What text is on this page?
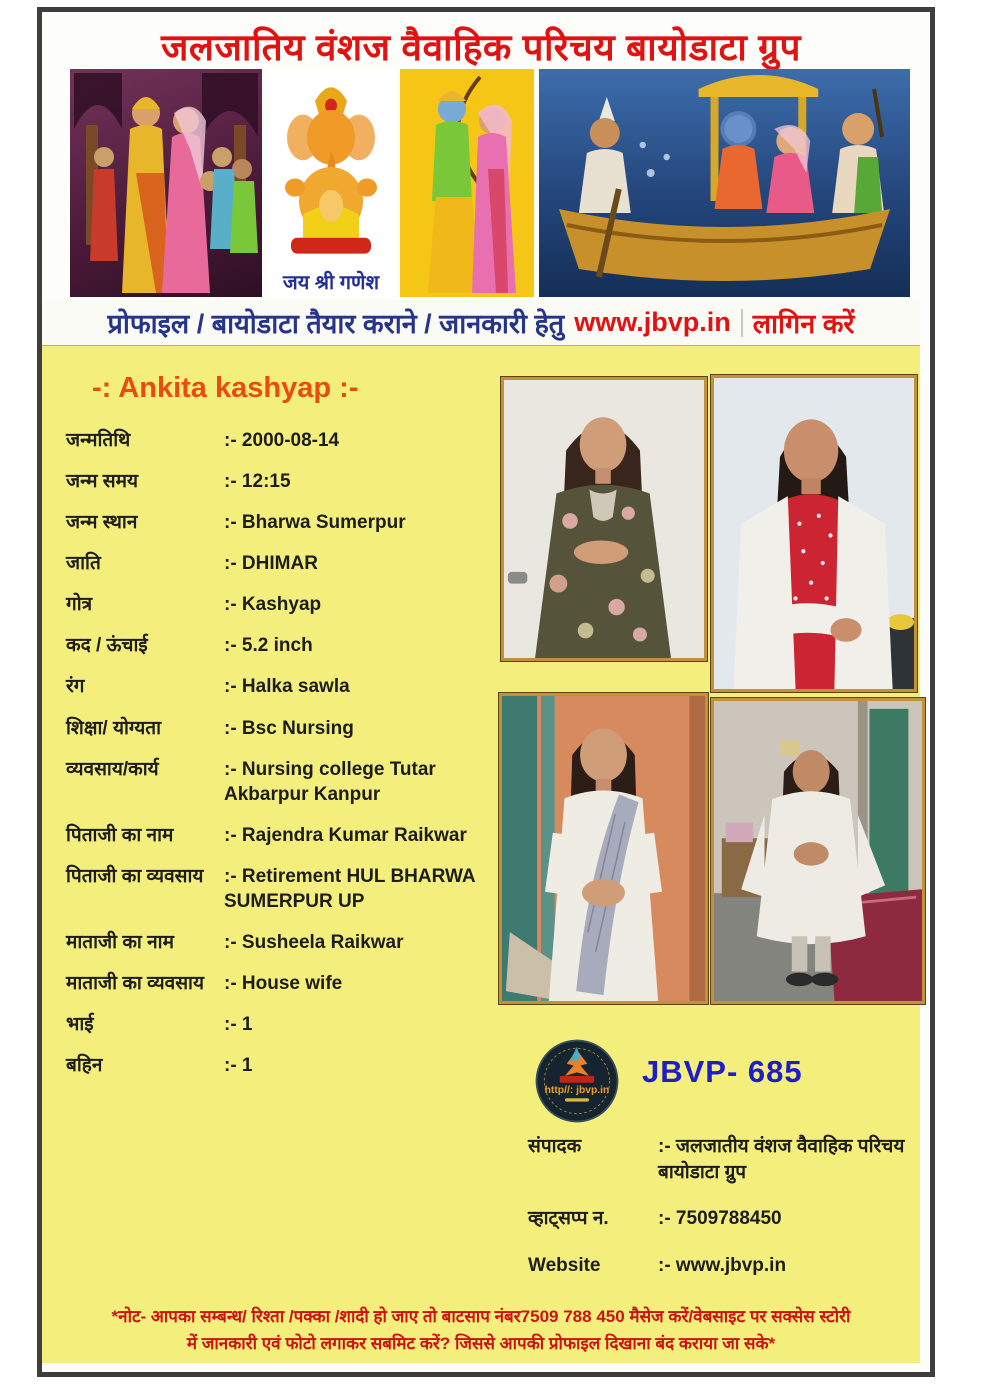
जलजातिय वंशज वैवाहिक परिचय बायोडाटा ग्रुप
जय श्री गणेश
प्रोफाइल / बायोडाटा तैयार कराने / जानकारी हेतु www.jbvp.in लागिन करें
-: Ankita kashyap :-
जन्मतिथि	:- 2000-08-14
जन्म समय	:- 12:15
जन्म स्थान	:- Bharwa Sumerpur
जाति	:- DHIMAR
गोत्र	:- Kashyap
कद / ऊंचाई	:- 5.2 inch
रंग	:- Halka sawla
शिक्षा/ योग्यता	:- Bsc Nursing
व्यवसाय/कार्य	:- Nursing college Tutar Akbarpur Kanpur
पिताजी का नाम	:- Rajendra Kumar Raikwar
पिताजी का व्यवसाय	:- Retirement HUL BHARWA SUMERPUR UP
माताजी का नाम	:- Susheela Raikwar
माताजी का व्यवसाय	:- House wife
भाई	:- 1
बहिन	:- 1
http//: jbvp.in
JBVP- 685
संपादक	:- जलजातीय वंशज वैवाहिक परिचय बायोडाटा ग्रुप
व्हाट्सप्प न.	:- 7509788450
Website	:- www.jbvp.in
*नोट- आपका सम्बन्ध/ रिश्ता /पक्का /शादी हो जाए तो बाटसाप नंबर7509 788 450 मैसेज करें/वेबसाइट पर सक्सेस स्टोरी
में जानकारी एवं फोटो लगाकर सबमिट करें? जिससे आपकी प्रोफाइल दिखाना बंद कराया जा सके*
